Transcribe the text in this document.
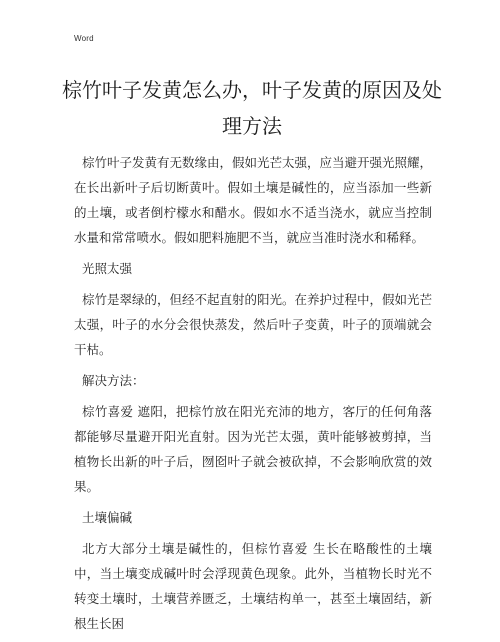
Word
棕竹叶子发黄怎么办，叶子发黄的原因及处理方法

棕竹叶子发黄有无数缘由，假如光芒太强，应当避开强光照耀，在长出新叶子后切断黄叶。假如土壤是碱性的，应当添加一些新的土壤，或者倒柠檬水和醋水。假如水不适当浇水，就应当控制水量和常常喷水。假如肥料施肥不当，就应当准时浇水和稀释。

光照太强

棕竹是翠绿的，但经不起直射的阳光。在养护过程中，假如光芒太强，叶子的水分会很快蒸发，然后叶子变黄，叶子的顶端就会干枯。

解决方法：

棕竹喜爱 遮阳，把棕竹放在阳光充沛的地方，客厅的任何角落都能够尽量避开阳光直射。因为光芒太强，黄叶能够被剪掉，当植物长出新的叶子后，囫囵叶子就会被砍掉，不会影响欣赏的效果。

土壤偏碱

北方大部分土壤是碱性的，但棕竹喜爱 生长在略酸性的土壤中，当土壤变成碱叶时会浮现黄色现象。此外，当植物长时光不转变土壤时，土壤营养匮乏，土壤结构单一，甚至土壤固结，新根生长困
